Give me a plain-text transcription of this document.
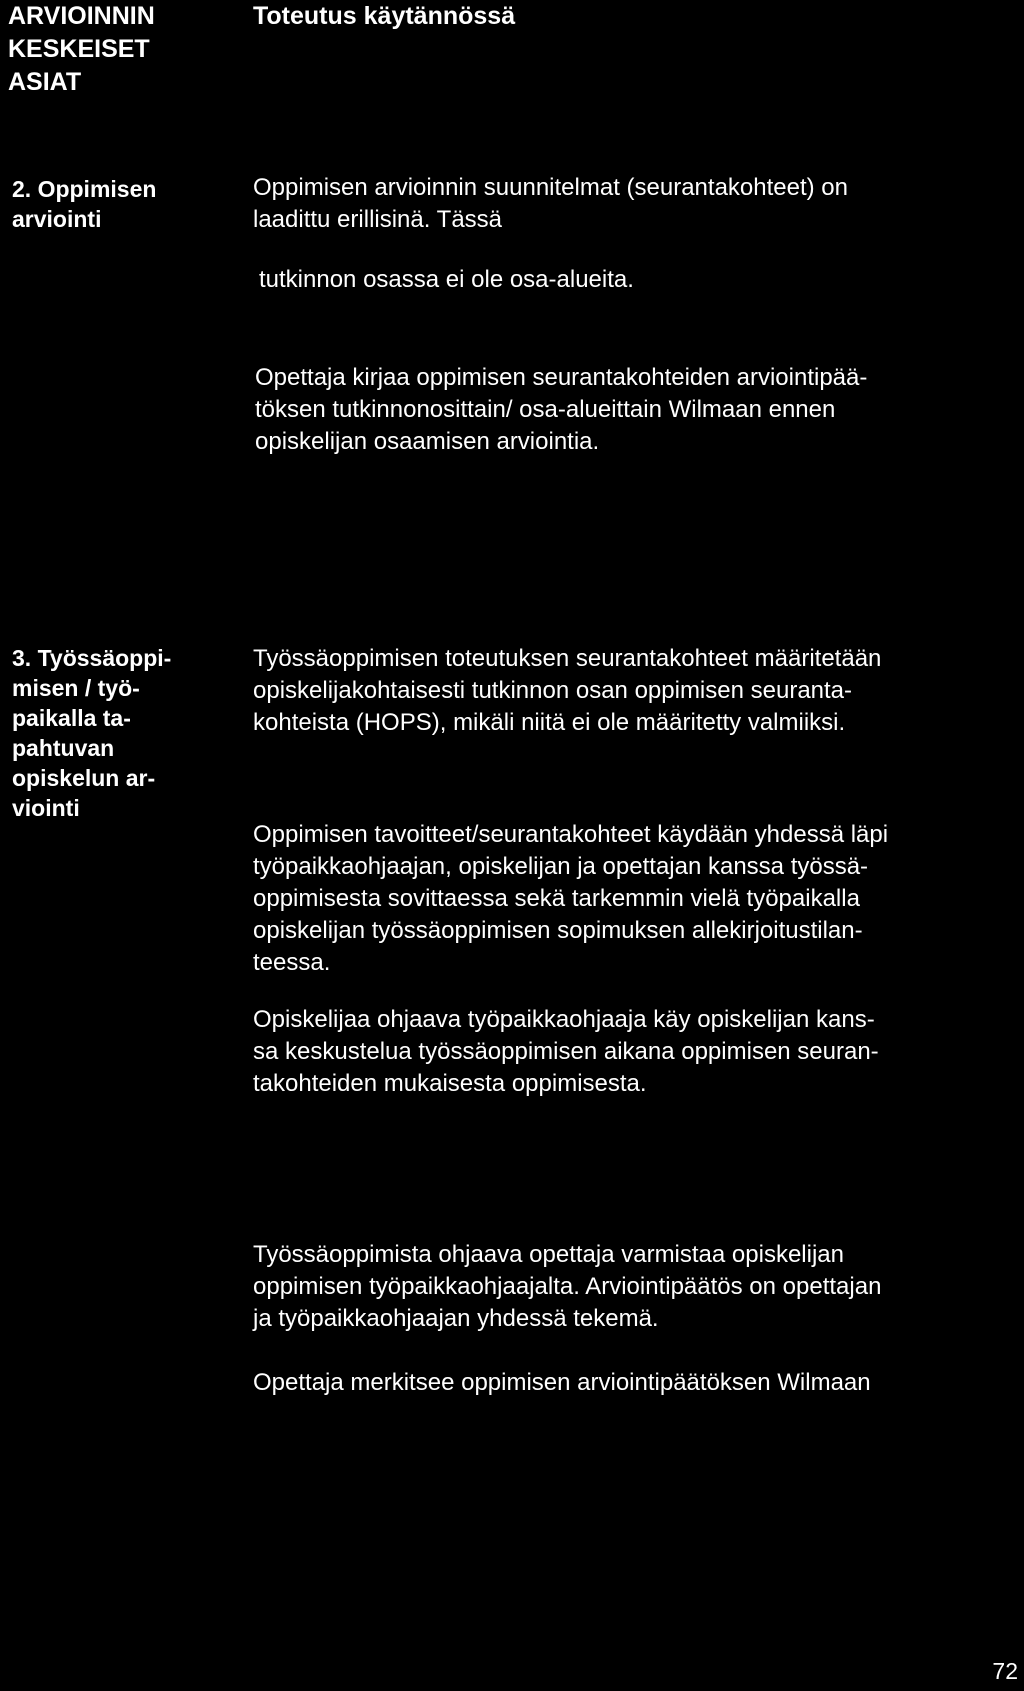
ARVIOINNIN
KESKEISET
ASIAT

Toteutus käytännössä

2. Oppimisen
arviointi

Oppimisen arvioinnin suunnitelmat (seurantakohteet) on
laadittu erillisinä. Tässä

tutkinnon osassa ei ole osa-alueita.

Opettaja kirjaa oppimisen seurantakohteiden arviointipää-
töksen tutkinnonosittain/ osa-alueittain Wilmaan ennen
opiskelijan osaamisen arviointia.

3. Työssäoppi-
misen / työ-
paikalla ta-
pahtuvan
opiskelun ar-
viointi

Työssäoppimisen toteutuksen seurantakohteet määritetään
opiskelijakohtaisesti tutkinnon osan oppimisen seuranta-
kohteista (HOPS), mikäli niitä ei ole määritetty valmiiksi.

Oppimisen tavoitteet/seurantakohteet käydään yhdessä läpi
työpaikkaohjaajan, opiskelijan ja opettajan kanssa työssä-
oppimisesta sovittaessa sekä tarkemmin vielä työpaikalla
opiskelijan työssäoppimisen sopimuksen allekirjoitustilan-
teessa.

Opiskelijaa ohjaava työpaikkaohjaaja käy opiskelijan kans-
sa keskustelua työssäoppimisen aikana oppimisen seuran-
takohteiden mukaisesta oppimisesta.

Työssäoppimista ohjaava opettaja varmistaa opiskelijan
oppimisen työpaikkaohjaajalta. Arviointipäätös on opettajan
ja työpaikkaohjaajan yhdessä tekemä.

Opettaja merkitsee oppimisen arviointipäätöksen Wilmaan

72
